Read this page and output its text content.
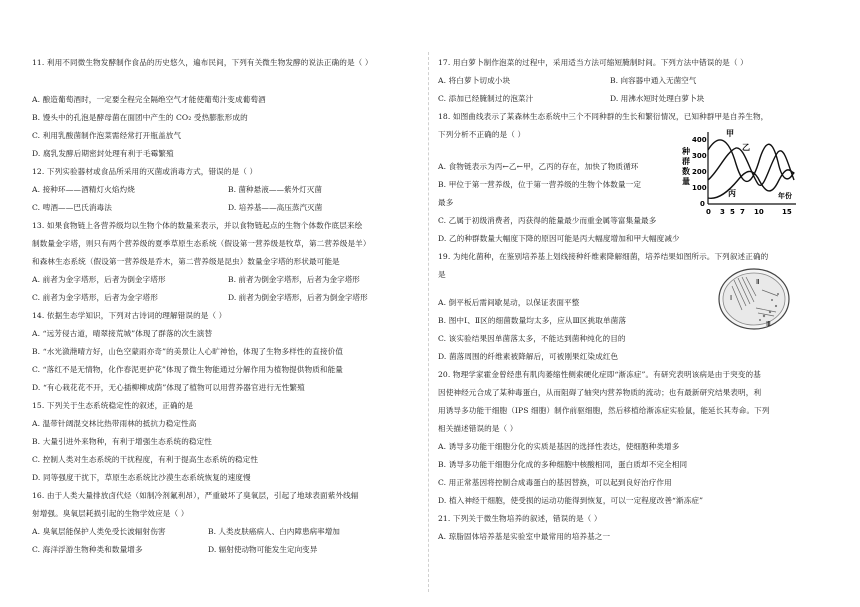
11. 利用不同微生物发酵制作食品的历史悠久，遍布民间，下列有关微生物发酵的说法正确的是（ ）
A. 酿造葡萄酒时，一定要全程完全隔绝空气才能使葡萄汁变成葡萄酒
B. 馒头中的孔泡是酵母菌在面团中产生的 CO₂ 受热膨胀形成的
C. 利用乳酸菌制作泡菜需经常打开瓶盖放气
D. 腐乳发酵后期密封处理有利于毛霉繁殖
12. 下列实验器材或食品所采用的灭菌或消毒方式，错误的是（ ）
A. 接种环——酒精灯火焰灼烧	B. 菌种悬液——紫外灯灭菌
C. 啤酒——巴氏消毒法	D. 培养基——高压蒸汽灭菌
13. 如果食物链上各营养级均以生物个体的数量来表示，并以食物链起点的生物个体数作底层来绘
制数量金字塔，则只有两个营养级的夏季草原生态系统（假设第一营养级是牧草，第二营养级是羊）
和森林生态系统（假设第一营养级是乔木，第二营养级是昆虫）数量金字塔的形状最可能是
A. 前者为金字塔形，后者为倒金字塔形	B. 前者为倒金字塔形，后者为金字塔形
C. 前者为金字塔形，后者为金字塔形	D. 前者为倒金字塔形，后者为倒金字塔形
14. 依据生态学知识，下列对古诗词的理解错误的是（ ）
A. “远芳侵古道，晴翠接荒城”体现了群落的次生演替
B. “水光潋滟晴方好，山色空蒙雨亦奇”的美景让人心旷神怡，体现了生物多样性的直接价值
C. “落红不是无情物，化作春泥更护花”体现了微生物能通过分解作用为植物提供物质和能量
D. “有心栽花花不开，无心插柳柳成荫”体现了植物可以用营养器官进行无性繁殖
15. 下列关于生态系统稳定性的叙述，正确的是
A. 温带针阔混交林比热带雨林的抵抗力稳定性高
B. 大量引进外来物种，有利于增强生态系统的稳定性
C. 控制人类对生态系统的干扰程度，有利于提高生态系统的稳定性
D. 同等强度干扰下，草原生态系统比沙漠生态系统恢复的速度慢
16. 由于人类大量排放卤代烃（如制冷剂氟利昂），严重破坏了臭氧层，引起了地球表面紫外线辐
射增强。臭氧层耗损引起的生物学效应是（ ）
A. 臭氧层能保护人类免受长波辐射伤害	B. 人类皮肤癌病人、白内障患病率增加
C. 海洋浮游生物种类和数量增多	D. 辐射使动物可能发生定向变异
17. 用白萝卜制作泡菜的过程中，采用适当方法可缩短腌制时间。下列方法中错误的是（ ）
A. 将白萝卜切成小块	B. 向容器中通入无菌空气
C. 添加已经腌制过的泡菜汁	D. 用沸水短时处理白萝卜块
18. 如图曲线表示了某森林生态系统中三个不同种群的生长和繁衍情况，已知种群甲是自养生物，
下列分析不正确的是（ ）
A. 食物链表示为丙←乙←甲，乙丙的存在，加快了物质循环
B. 甲位于第一营养级，位于第一营养级的生物个体数量一定
最多
C. 乙属于初级消费者，丙获得的能量最少而重金属等富集量最多
D. 乙的种群数量大幅度下降的原因可能是丙大幅度增加和甲大幅度减少
19. 为纯化菌种，在鉴别培养基上划线接种纤维素降解细菌，培养结果如图所示。下列叙述正确的
是
A. 倒平板后需间歇晃动，以保证表面平整
B. 图中Ⅰ、Ⅱ区的细菌数量均太多，应从Ⅲ区挑取单菌落
C. 该实验结果因单菌落太多，不能达到菌种纯化的目的
D. 菌落周围的纤维素被降解后，可被刚果红染成红色
20. 物理学家霍金曾经患有肌肉萎缩性侧索硬化症即“渐冻症”。有研究表明该病是由于突变的基
因使神经元合成了某种毒蛋白，从而阻碍了轴突内营养物质的流动；也有最新研究结果表明，利
用诱导多功能干细胞（IPS 细胞）制作前驱细胞，然后移植给渐冻症实验鼠，能延长其寿命。下列
相关描述错误的是（ ）
A. 诱导多功能干细胞分化的实质是基因的选择性表达，使细胞种类增多
B. 诱导多功能干细胞分化成的多种细胞中核酸相同，蛋白质却不完全相同
C. 用正常基因将控制合成毒蛋白的基因替换，可以起到良好治疗作用
D. 植入神经干细胞，使受损的运动功能得到恢复，可以一定程度改善“渐冻症”
21. 下列关于微生物培养的叙述，错误的是（ ）
A. 琼脂固体培养基是实验室中最常用的培养基之一
种
群
数
量
400
300
200
100
0
0 3 5 7 10	15
年份
甲
乙
丙
Ⅰ
Ⅱ
Ⅲ
